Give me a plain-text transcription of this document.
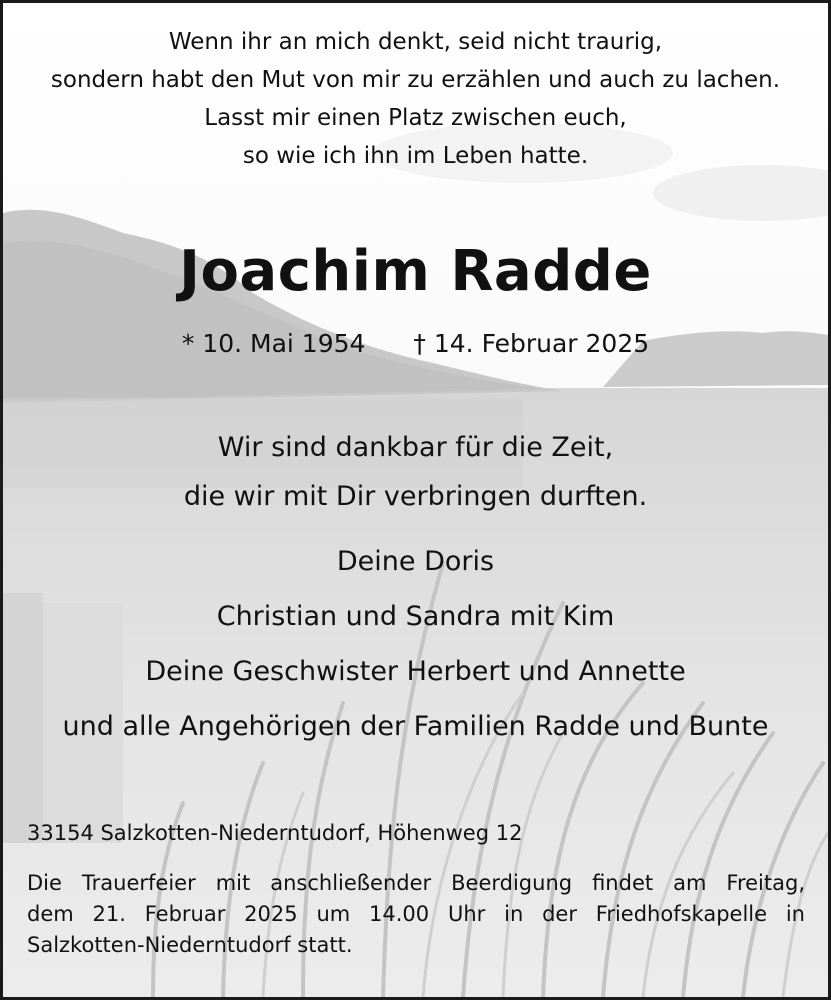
Wenn ihr an mich denkt, seid nicht traurig,
sondern habt den Mut von mir zu erzählen und auch zu lachen.
Lasst mir einen Platz zwischen euch,
so wie ich ihn im Leben hatte.
Joachim Radde
* 10. Mai 1954 † 14. Februar 2025
Wir sind dankbar für die Zeit,
die wir mit Dir verbringen durften.
Deine Doris
Christian und Sandra mit Kim
Deine Geschwister Herbert und Annette
und alle Angehörigen der Familien Radde und Bunte
33154 Salzkotten-Niederntudorf, Höhenweg 12
Die Trauerfeier mit anschließender Beerdigung findet am Freitag,
dem 21. Februar 2025 um 14.00 Uhr in der Friedhofskapelle in
Salzkotten-Niederntudorf statt.
